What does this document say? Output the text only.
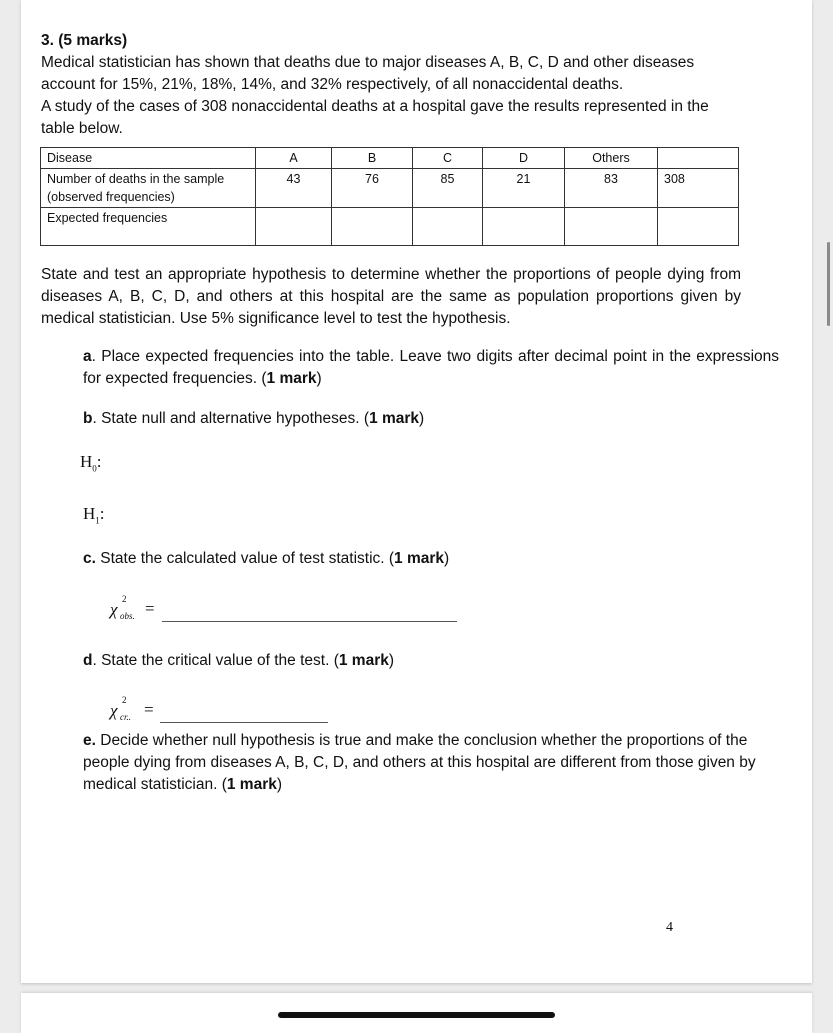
3. (5 marks)

Medical statistician has shown that deaths due to major diseases A, B, C, D and other diseases account for 15%, 21%, 18%, 14%, and 32% respectively, of all nonaccidental deaths.

A study of the cases of 308 nonaccidental deaths at a hospital gave the results represented in the table below.

Disease	A	B	C	D	Others	
Number of deaths in the sample (observed frequencies)	43	76	85	21	83	308
Expected frequencies						
State and test an appropriate hypothesis to determine whether the proportions of people dying from diseases A, B, C, D, and others at this hospital are the same as population proportions given by medical statistician. Use 5% significance level to test the hypothesis.
a. Place expected frequencies into the table. Leave two digits after decimal point in the expressions for expected frequencies. (1 mark)
b. State null and alternative hypotheses. (1 mark)
$H_0$:
$H_1$:
c. State the calculated value of test statistic. (1 mark)
χ
2
obs. =
d. State the critical value of the test. (1 mark)
χ
2
cr.. =
e. Decide whether null hypothesis is true and make the conclusion whether the proportions of the people dying from diseases A, B, C, D, and others at this hospital are different from those given by medical statistician. (1 mark)
4
